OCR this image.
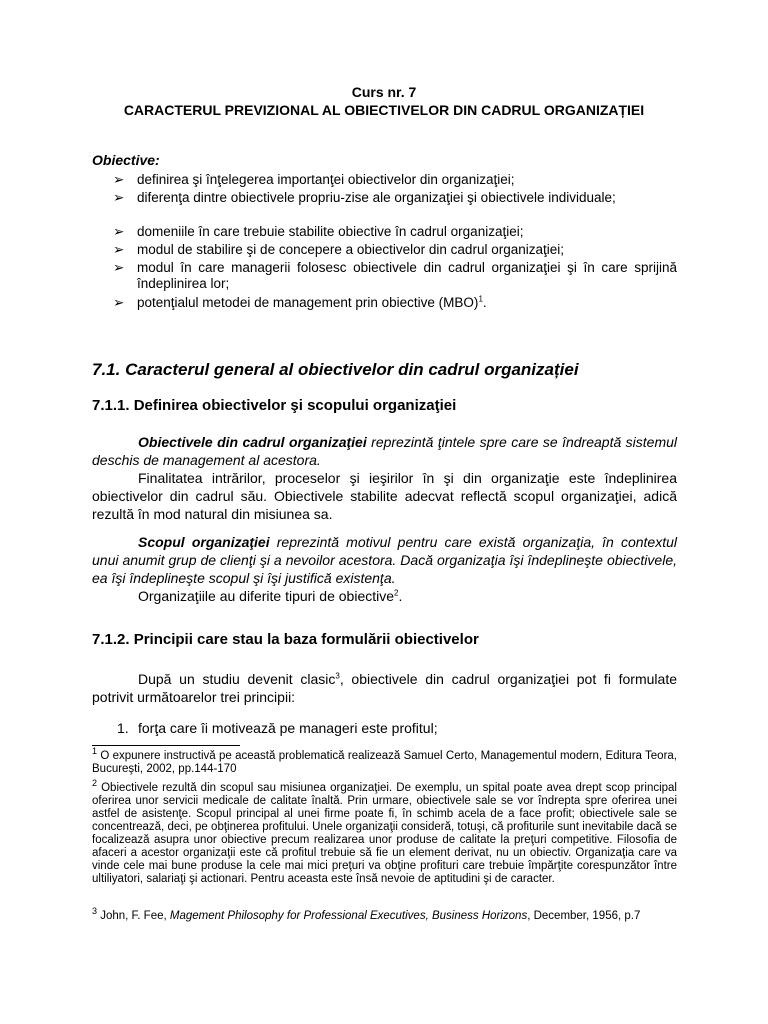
Curs nr. 7
CARACTERUL PREVIZIONAL AL OBIECTIVELOR DIN CADRUL ORGANIZAȚIEI
Obiective:
➢ definirea şi înţelegerea importanţei obiectivelor din organizaţiei;
➢ diferenţa dintre obiectivele propriu-zise ale organizaţiei şi obiectivele individuale;
➢ domeniile în care trebuie stabilite obiective în cadrul organizaţiei;
➢ modul de stabilire şi de concepere a obiectivelor din cadrul organizaţiei;
➢ modul în care managerii folosesc obiectivele din cadrul organizaţiei şi în care sprijină îndeplinirea lor;
➢ potenţialul metodei de management prin obiective (MBO)$^1$.
7.1. Caracterul general al obiectivelor din cadrul organizației
7.1.1. Definirea obiectivelor şi scopului organizaţiei
Obiectivele din cadrul organizaţiei reprezintă ţintele spre care se îndreaptă sistemul deschis de management al acestora.
Finalitatea intrărilor, proceselor şi ieşirilor în şi din organizaţie este îndeplinirea obiectivelor din cadrul său. Obiectivele stabilite adecvat reflectă scopul organizaţiei, adică rezultă în mod natural din misiunea sa.
Scopul organizaţiei reprezintă motivul pentru care există organizaţia, în contextul unui anumit grup de clienţi şi a nevoilor acestora. Dacă organizaţia îşi îndeplineşte obiectivele, ea îşi îndeplineşte scopul şi îşi justifică existenţa.
Organizaţiile au diferite tipuri de obiective$^2$.
7.1.2. Principii care stau la baza formulării obiectivelor
După un studiu devenit clasic$^3$, obiectivele din cadrul organizaţiei pot fi formulate potrivit următoarelor trei principii:
1. forţa care îi motivează pe manageri este profitul;
$^1$ O expunere instructivă pe această problematică realizează Samuel Certo, Managementul modern, Editura Teora, Bucureşti, 2002, pp.144-170
$^2$ Obiectivele rezultă din scopul sau misiunea organizaţiei. De exemplu, un spital poate avea drept scop principal oferirea unor servicii medicale de calitate înaltă. Prin urmare, obiectivele sale se vor îndrepta spre oferirea unei astfel de asistenţe. Scopul principal al unei firme poate fi, în schimb acela de a face profit; obiectivele sale se concentrează, deci, pe obţinerea profitului. Unele organizaţii consideră, totuşi, că profiturile sunt inevitabile dacă se focalizează asupra unor obiective precum realizarea unor produse de calitate la preţuri competitive. Filosofia de afaceri a acestor organizaţii este că profitul trebuie să fie un element derivat, nu un obiectiv. Organizaţia care va vinde cele mai bune produse la cele mai mici preţuri va obţine profituri care trebuie împărţite corespunzător între ultiliyatori, salariaţi şi actionari. Pentru aceasta este însă nevoie de aptitudini şi de caracter.
$^3$ John, F. Fee, Magement Philosophy for Professional Executives, Business Horizons, December, 1956, p.7
